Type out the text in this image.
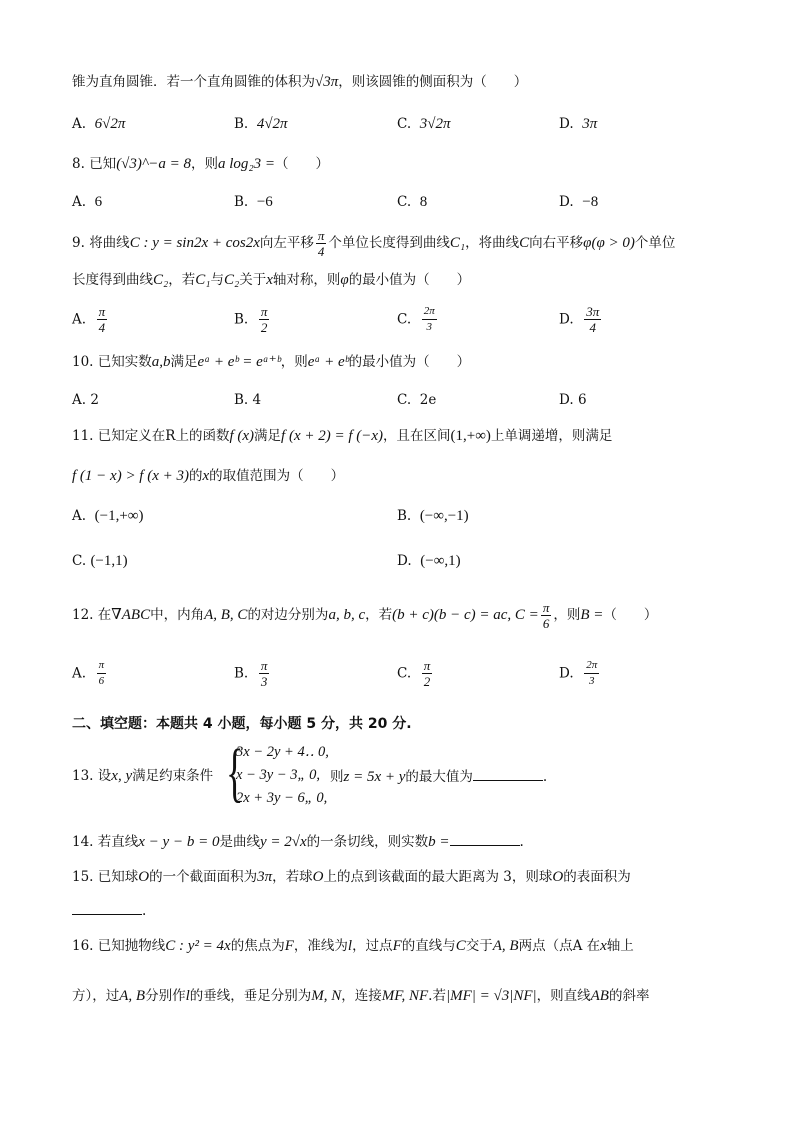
锥为直角圆锥．若一个直角圆锥的体积为√3π，则该圆锥的侧面积为（　　）
A. 6√2π	B. 4√2π	C. 3√2π	D. 3π
8. 已知(√3)^−a = 8，则a log₂3 =（　　）
A. 6	B. −6	C. 8	D. −8
9. 将曲线C : y = sin2x + cos2x向左平移 $\frac{\pi}{4}$ 个单位长度得到曲线C₁，将曲线C向右平移φ(φ > 0)个单位
长度得到曲线C₂，若C₁与C₂关于x轴对称，则φ的最小值为（　　）
A. $\frac{\pi}{4}$	B. $\frac{\pi}{2}$	C. $\frac{2\pi}{3}$	D. $\frac{3\pi}{4}$
10. 已知实数a,b满足eᵃ + eᵇ = eᵃ⁺ᵇ，则eᵃ + eᵇ的最小值为（　　）
A. 2	B. 4	C. 2e	D. 6
11. 已知定义在R上的函数f (x)满足f (x + 2) = f (−x)，且在区间(1,+∞)上单调递增，则满足
f (1 − x) > f (x + 3)的x的取值范围为（　　）
A. (−1,+∞)	B. (−∞,−1)
C. (−1,1)	D. (−∞,1)
12. 在∇ABC中，内角A, B, C的对边分别为a, b, c，若(b + c)(b − c) = ac, $C = \frac{\pi}{6}$ ，则B =（　　）
A. $\frac{\pi}{6}$	B. $\frac{\pi}{3}$	C. $\frac{\pi}{2}$	D. $\frac{2\pi}{3}$
二、填空题：本题共 4 小题，每小题 5 分，共 20 分.
13. 设x, y满足约束条件 {
3x − 2y + 4‥ 0,
x − 3y − 3„ 0,
2x + 3y − 6„ 0,
则z = 5x + y的最大值为	.
14. 若直线x − y − b = 0是曲线y = 2√x的一条切线，则实数b =	.
15. 已知球O的一个截面面积为3π，若球O上的点到该截面的最大距离为 3，则球O的表面积为
.
16. 已知抛物线C : y² = 4x的焦点为F，准线为l，过点F的直线与C交于A, B两点（点A 在x轴上
方），过A, B分别作l的垂线，垂足分别为M, N，连接MF, NF.若|MF| = √3|NF|，则直线AB的斜率
